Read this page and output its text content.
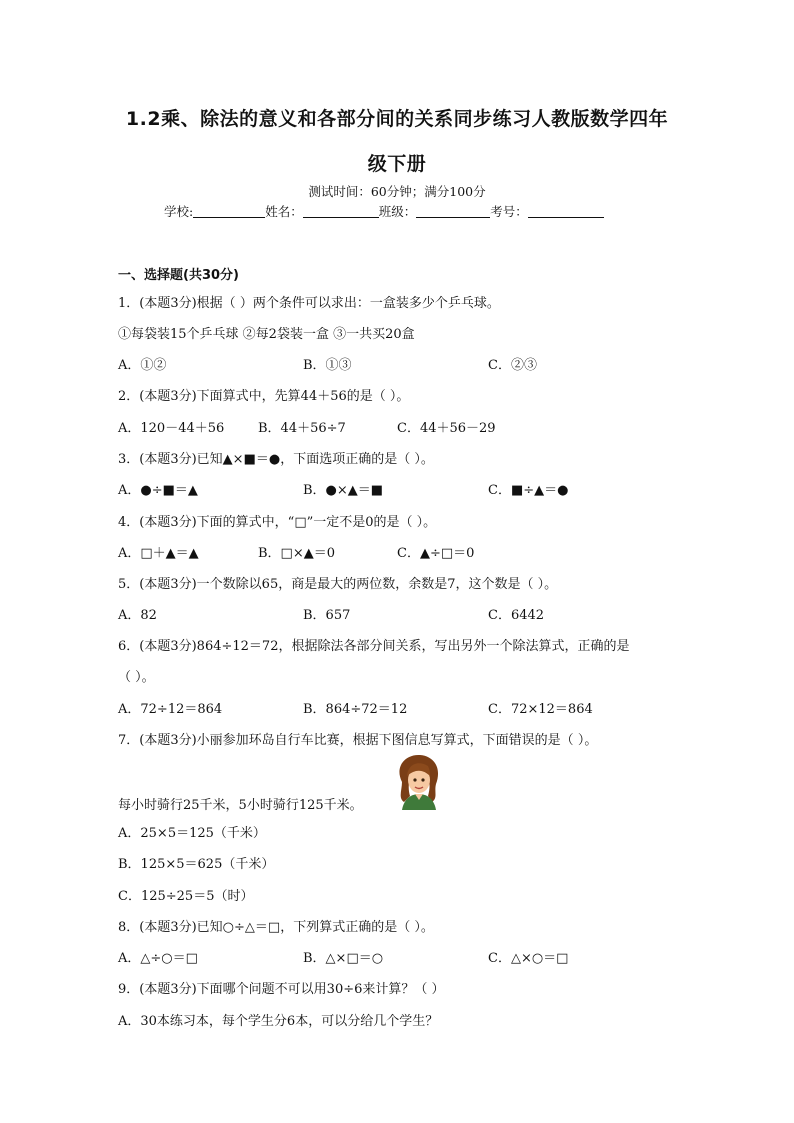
1.2乘、除法的意义和各部分间的关系同步练习人教版数学四年
级下册
测试时间：60分钟；满分100分
学校:	姓名：	班级：	考号：
一、选择题(共30分)
1．(本题3分)根据（ ）两个条件可以求出：一盒装多少个乒乓球。
①每袋装15个乒乓球 ②每2袋装一盒 ③一共买20盒
A．①②	B．①③	C．②③
2．(本题3分)下面算式中，先算44＋56的是（ ）。
A．120－44＋56	B．44＋56÷7	C．44＋56－29
3．(本题3分)已知▲×■＝●，下面选项正确的是（ ）。
A．●÷■＝▲	B．●×▲＝■	C．■÷▲＝●
4．(本题3分)下面的算式中，“□”一定不是0的是（ ）。
A．□＋▲＝▲	B．□×▲＝0	C．▲÷□＝0
5．(本题3分)一个数除以65，商是最大的两位数，余数是7，这个数是（ ）。
A．82	B．657	C．6442
6．(本题3分)864÷12＝72，根据除法各部分间关系，写出另外一个除法算式，正确的是
（ ）。
A．72÷12＝864	B．864÷72＝12	C．72×12＝864
7．(本题3分)小丽参加环岛自行车比赛，根据下图信息写算式，下面错误的是（ ）。
每小时骑行25千米，5小时骑行125千米。
A．25×5＝125（千米）
B．125×5＝625（千米）
C．125÷25＝5（时）
8．(本题3分)已知○÷△＝□，下列算式正确的是（ ）。
A．△÷○＝□	B．△×□＝○	C．△×○＝□
9．(本题3分)下面哪个问题不可以用30÷6来计算？（ ）
A．30本练习本，每个学生分6本，可以分给几个学生？
